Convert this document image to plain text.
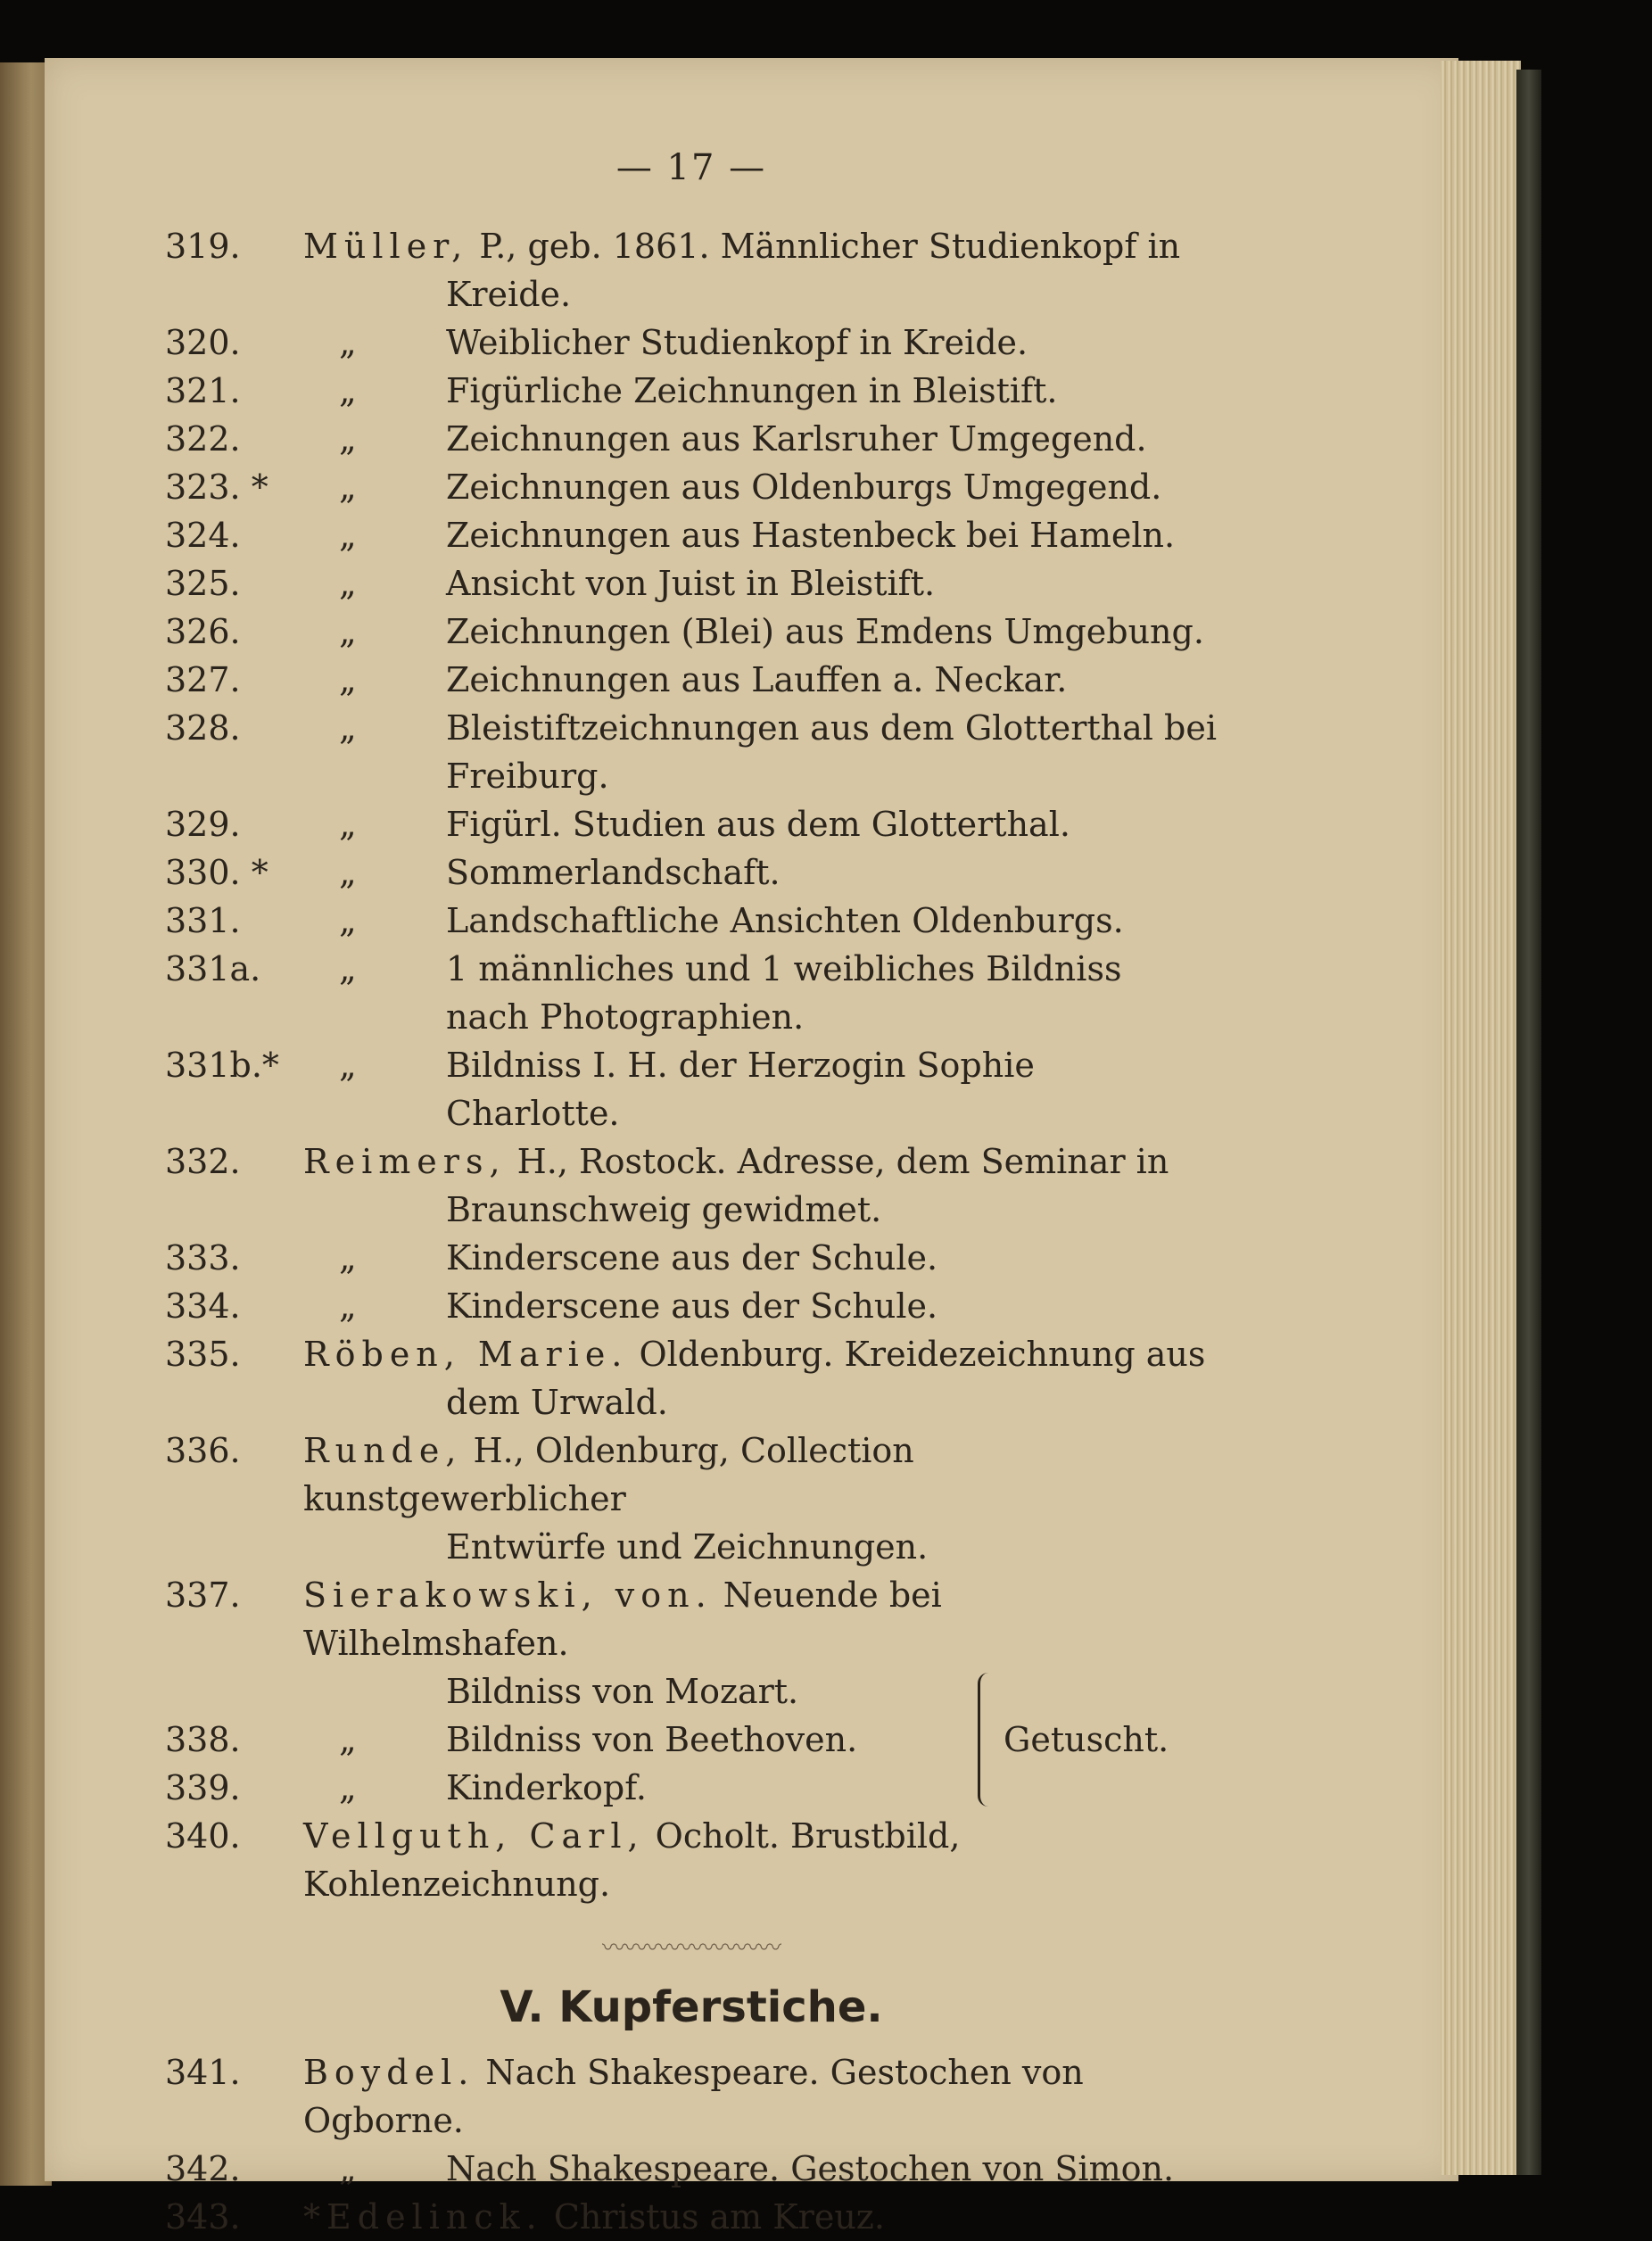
— 17 —
319.	Müller, P., geb. 1861. Männlicher Studienkopf in
Kreide.
320.	„	Weiblicher Studienkopf in Kreide.
321.	„	Figürliche Zeichnungen in Bleistift.
322.	„	Zeichnungen aus Karlsruher Umgegend.
323. *	„	Zeichnungen aus Oldenburgs Umgegend.
324.	„	Zeichnungen aus Hastenbeck bei Hameln.
325.	„	Ansicht von Juist in Bleistift.
326.	„	Zeichnungen (Blei) aus Emdens Umgebung.
327.	„	Zeichnungen aus Lauffen a. Neckar.
328.	„	Bleistiftzeichnungen aus dem Glotterthal bei
Freiburg.
329.	„	Figürl. Studien aus dem Glotterthal.
330. *	„	Sommerlandschaft.
331.	„	Landschaftliche Ansichten Oldenburgs.
331a.	„	1 männliches und 1 weibliches Bildniss
nach Photographien.
331b.*	„	Bildniss I. H. der Herzogin Sophie Charlotte.
332.	Reimers, H., Rostock. Adresse, dem Seminar in
Braunschweig gewidmet.
333.	„	Kinderscene aus der Schule.
334.	„	Kinderscene aus der Schule.
335.	Röben, Marie. Oldenburg. Kreidezeichnung aus
dem Urwald.
336.	Runde, H., Oldenburg, Collection kunstgewerblicher
Entwürfe und Zeichnungen.
337.	Sierakowski, von. Neuende bei Wilhelmshafen.
Bildniss von Mozart.
338.	„	Bildniss von Beethoven.
339.	„	Kinderkopf.
Getuscht.
340.	Vellguth, Carl, Ocholt. Brustbild, Kohlenzeichnung.
〰〰〰〰〰〰〰〰
V. Kupferstiche.
341.	Boydel. Nach Shakespeare. Gestochen von Ogborne.
342.	„	Nach Shakespeare. Gestochen von Simon.
343.	*Edelinck. Christus am Kreuz.
